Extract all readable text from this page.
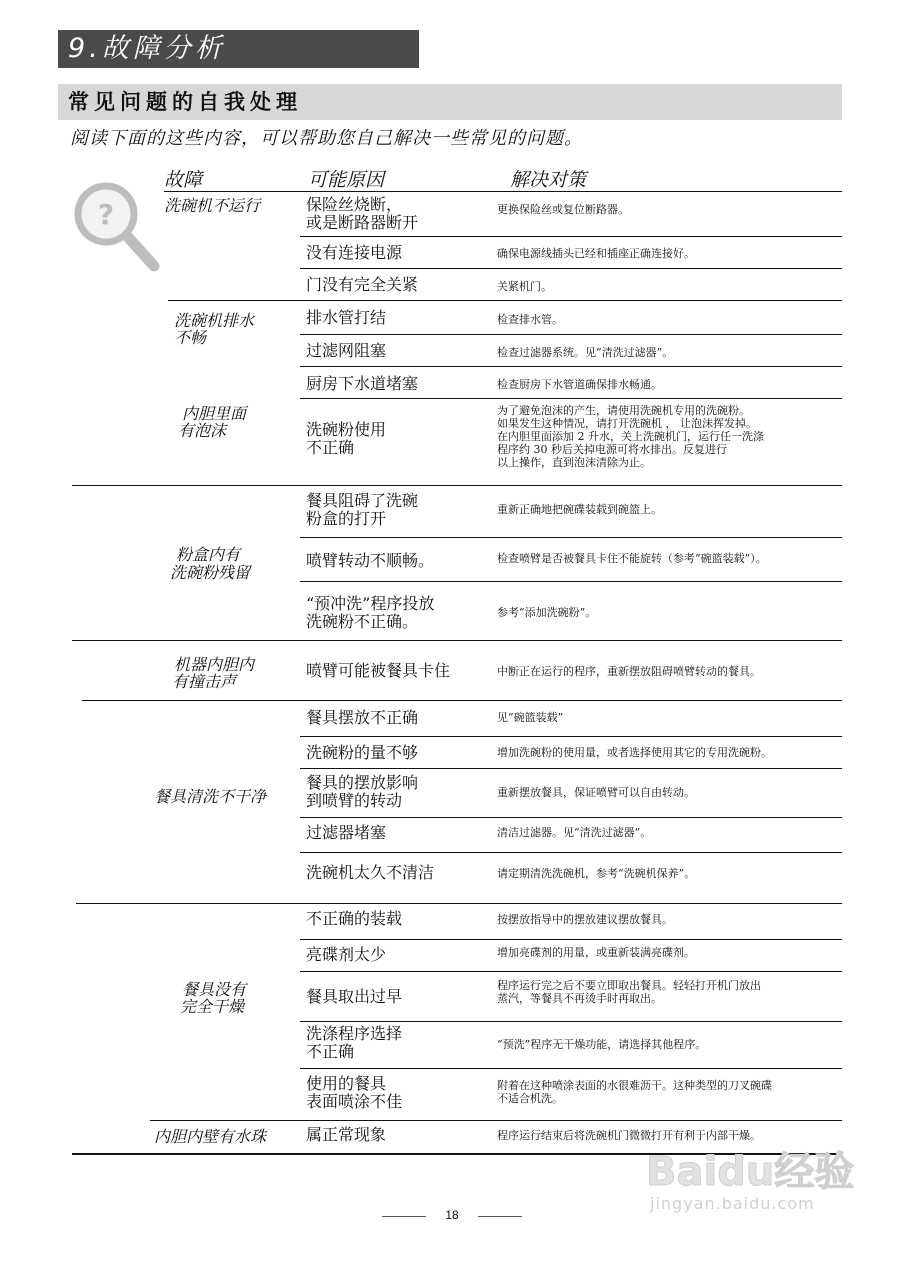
9.故障分析
常见问题的自我处理
阅读下面的这些内容，可以帮助您自己解决一些常见的问题。
?
故障	可能原因	解决对策
洗碗机不运行
洗碗机排水
不畅
内胆里面
有泡沫
粉盒内有
洗碗粉残留
机器内胆内
有撞击声
餐具清洗不干净
餐具没有
完全干燥
内胆内壁有水珠
保险丝烧断，
或是断路器断开
没有连接电源
门没有完全关紧
排水管打结
过滤网阻塞
厨房下水道堵塞
洗碗粉使用
不正确
餐具阻碍了洗碗
粉盒的打开
喷臂转动不顺畅。
“预冲洗”程序投放
洗碗粉不正确。
喷臂可能被餐具卡住
餐具摆放不正确
洗碗粉的量不够
餐具的摆放影响
到喷臂的转动
过滤器堵塞
洗碗机太久不清洁
不正确的装载
亮碟剂太少
餐具取出过早
洗涤程序选择
不正确
使用的餐具
表面喷涂不佳
属正常现象
更换保险丝或复位断路器。
确保电源线插头已经和插座正确连接好。
关紧机门。
检查排水管。
检查过滤器系统。见“清洗过滤器”。
检查厨房下水管道确保排水畅通。
为了避免泡沫的产生，请使用洗碗机专用的洗碗粉。
如果发生这种情况，请打开洗碗机 ， 让泡沫挥发掉。
在内胆里面添加 2 升水，关上洗碗机门，运行任一洗涤
程序约 30 秒后关掉电源可将水排出。反复进行
以上操作，直到泡沫清除为止。
重新正确地把碗碟装载到碗篮上。
检查喷臂是否被餐具卡住不能旋转（参考“碗篮装载”）。
参考“添加洗碗粉”。
中断正在运行的程序，重新摆放阻碍喷臂转动的餐具。
见“碗篮装载”
增加洗碗粉的使用量，或者选择使用其它的专用洗碗粉。
重新摆放餐具，保证喷臂可以自由转动。
清洁过滤器。见“清洗过滤器”。
请定期清洗洗碗机，参考“洗碗机保养”。
按摆放指导中的摆放建议摆放餐具。
增加亮碟剂的用量，或重新装满亮碟剂。
程序运行完之后不要立即取出餐具。轻轻打开机门放出
蒸汽，等餐具不再烫手时再取出。
“预洗”程序无干燥功能，请选择其他程序。
附着在这种喷涂表面的水很难沥干。这种类型的刀叉碗碟
不适合机洗。
程序运行结束后将洗碗机门微微打开有利于内部干燥。
Baidu经验
jingyan.baidu.com
18
